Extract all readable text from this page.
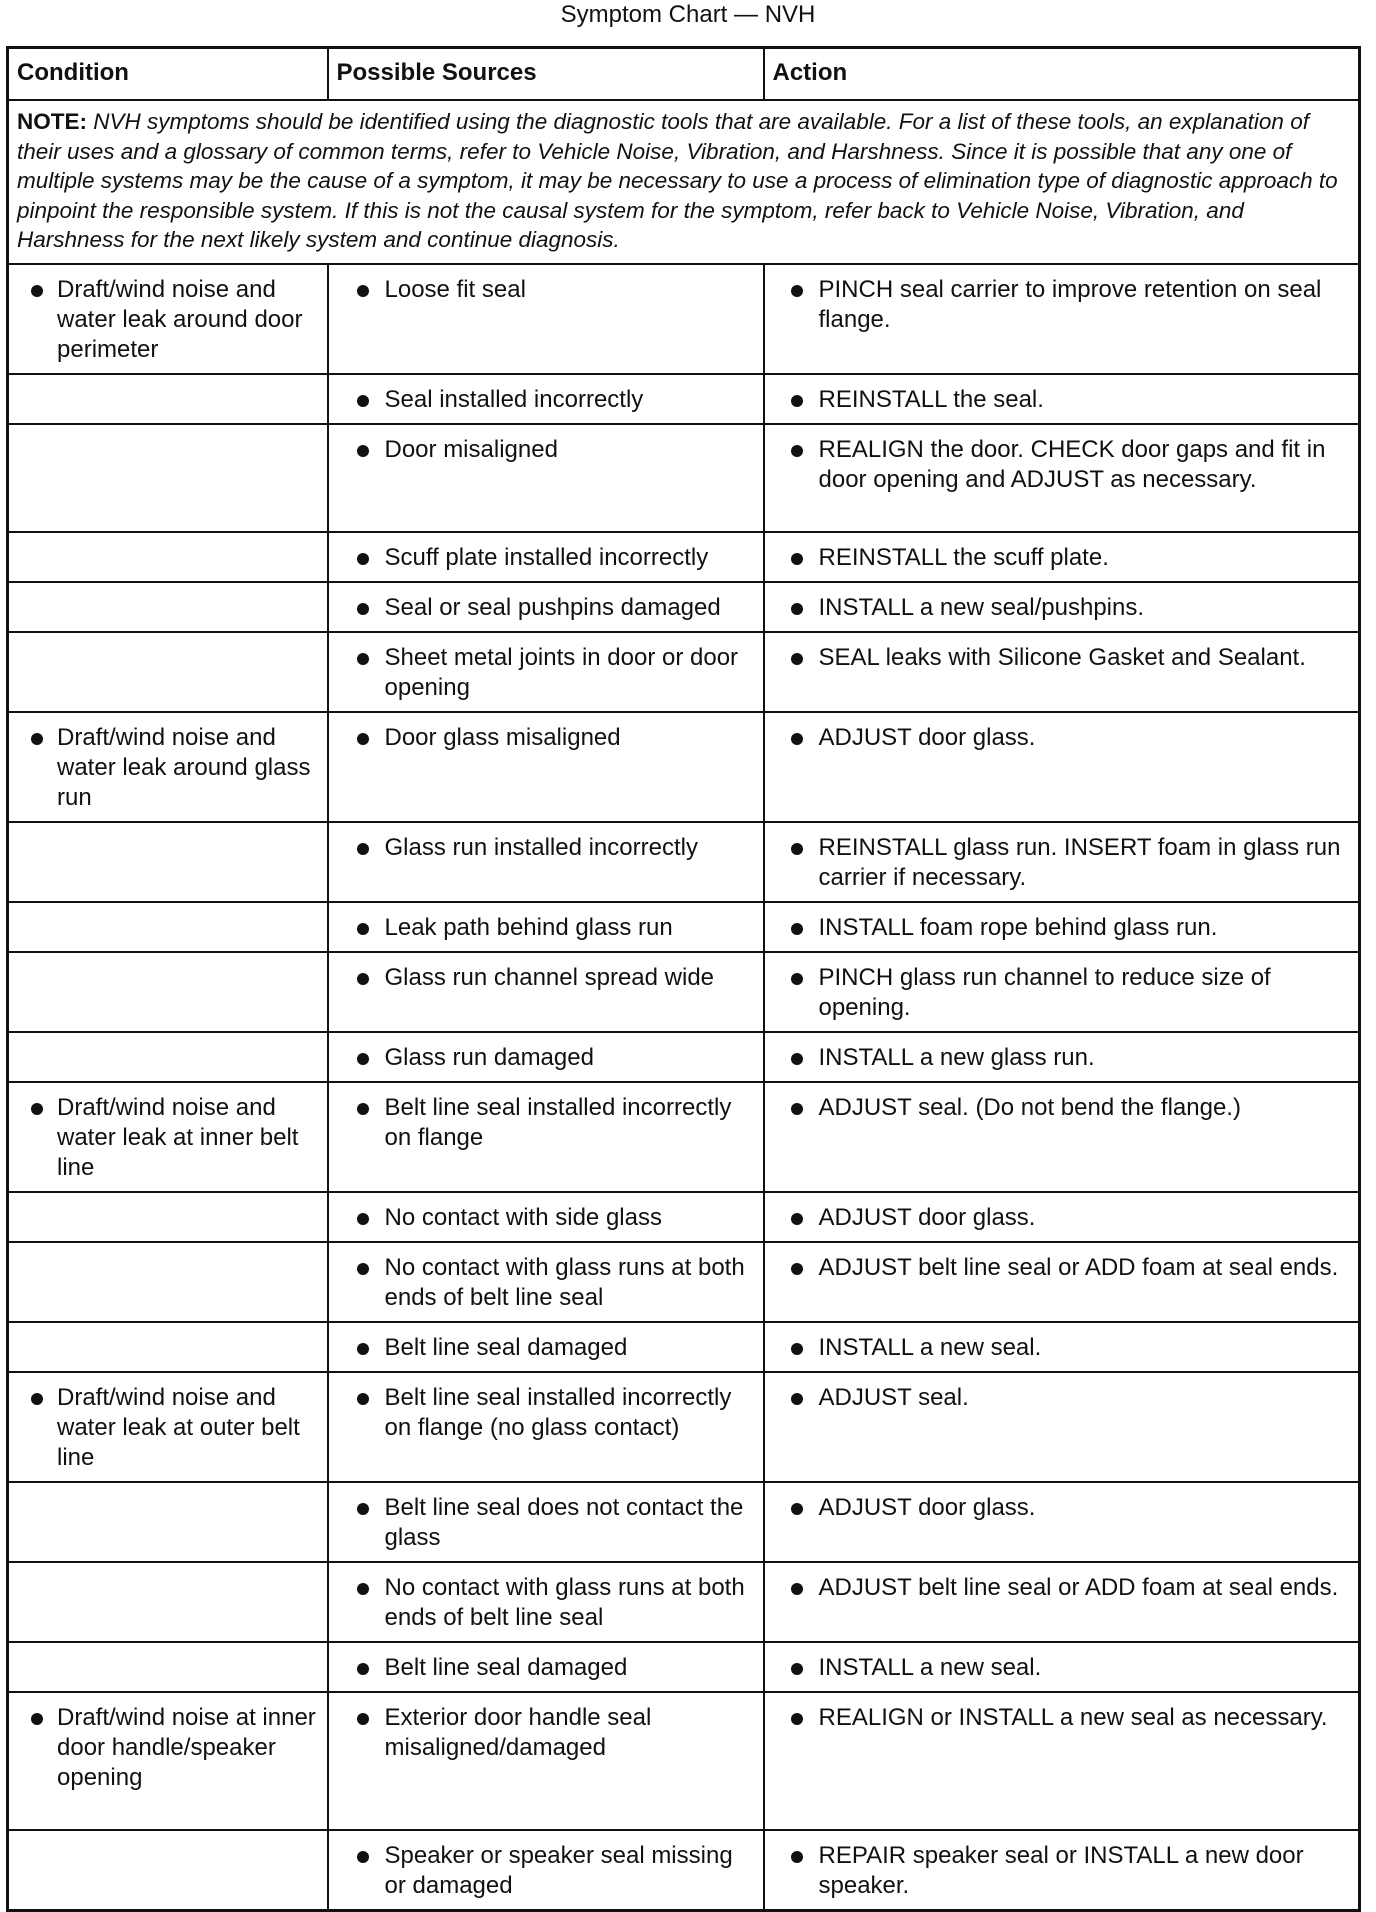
Symptom Chart — NVH
Condition	Possible Sources	Action
NOTE: NVH symptoms should be identified using the diagnostic tools that are available. For a list of these tools, an explanation of their uses and a glossary of common terms, refer to Vehicle Noise, Vibration, and Harshness. Since it is possible that any one of multiple systems may be the cause of a symptom, it may be necessary to use a process of elimination type of diagnostic approach to pinpoint the responsible system. If this is not the causal system for the symptom, refer back to Vehicle Noise, Vibration, and Harshness for the next likely system and continue diagnosis.		

Draft/wind noise and water leak around door perimeter	Loose fit seal	PINCH seal carrier to improve retention on seal flange.

	Seal installed incorrectly	REINSTALL the seal.

	Door misaligned	REALIGN the door. CHECK door gaps and fit in door opening and ADJUST as necessary.

	Scuff plate installed incorrectly	REINSTALL the scuff plate.

	Seal or seal pushpins damaged	INSTALL a new seal/pushpins.

	Sheet metal joints in door or door opening	SEAL leaks with Silicone Gasket and Sealant.

Draft/wind noise and water leak around glass run	Door glass misaligned	ADJUST door glass.

	Glass run installed incorrectly	REINSTALL glass run. INSERT foam in glass run carrier if necessary.

	Leak path behind glass run	INSTALL foam rope behind glass run.

	Glass run channel spread wide	PINCH glass run channel to reduce size of opening.

	Glass run damaged	INSTALL a new glass run.

Draft/wind noise and water leak at inner belt line	Belt line seal installed incorrectly on flange	ADJUST seal. (Do not bend the flange.)

	No contact with side glass	ADJUST door glass.

	No contact with glass runs at both ends of belt line seal	ADJUST belt line seal or ADD foam at seal ends.

	Belt line seal damaged	INSTALL a new seal.

Draft/wind noise and water leak at outer belt line	Belt line seal installed incorrectly on flange (no glass contact)	ADJUST seal.

	Belt line seal does not contact the glass	ADJUST door glass.

	No contact with glass runs at both ends of belt line seal	ADJUST belt line seal or ADD foam at seal ends.

	Belt line seal damaged	INSTALL a new seal.

Draft/wind noise at inner door handle/speaker opening	Exterior door handle seal misaligned/damaged	REALIGN or INSTALL a new seal as necessary.

	Speaker or speaker seal missing or damaged	REPAIR speaker seal or INSTALL a new door speaker.
